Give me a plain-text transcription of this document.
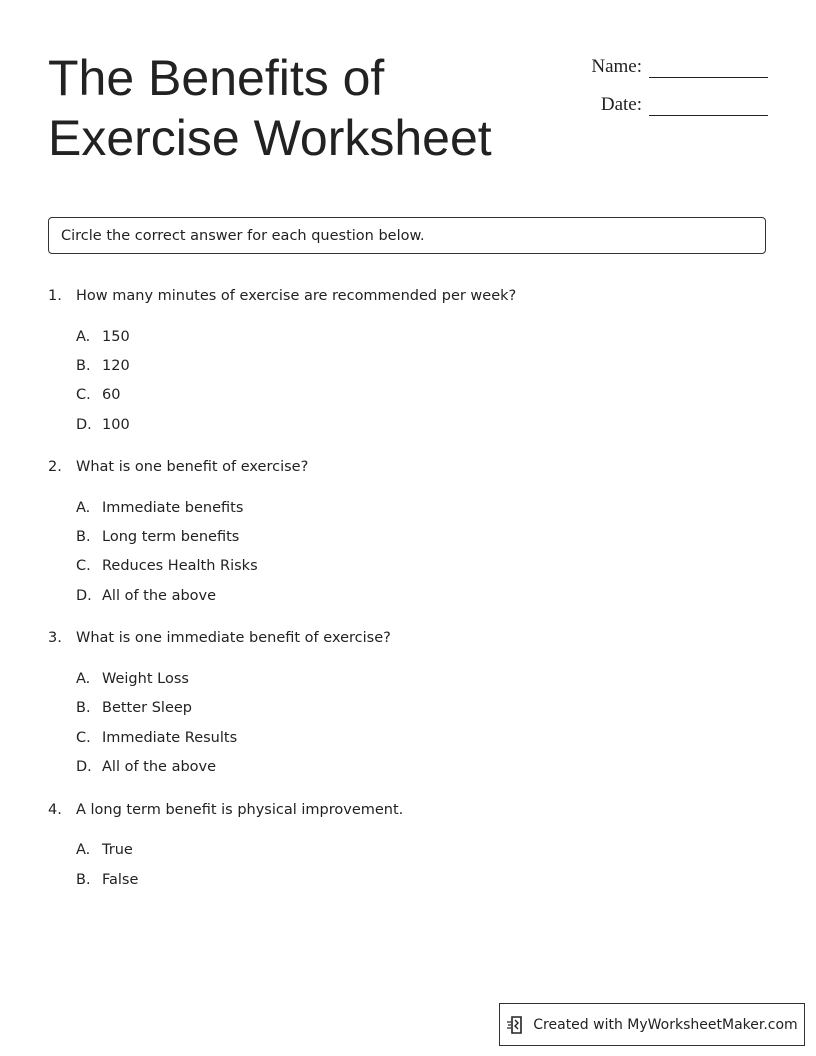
The Benefits of
Exercise Worksheet
Name:
Date:
Circle the correct answer for each question below.
1. How many minutes of exercise are recommended per week?
A. 150
B. 120
C. 60
D. 100
2. What is one benefit of exercise?
A. Immediate benefits
B. Long term benefits
C. Reduces Health Risks
D. All of the above
3. What is one immediate benefit of exercise?
A. Weight Loss
B. Better Sleep
C. Immediate Results
D. All of the above
4. A long term benefit is physical improvement.
A. True
B. False
Created with MyWorksheetMaker.com
